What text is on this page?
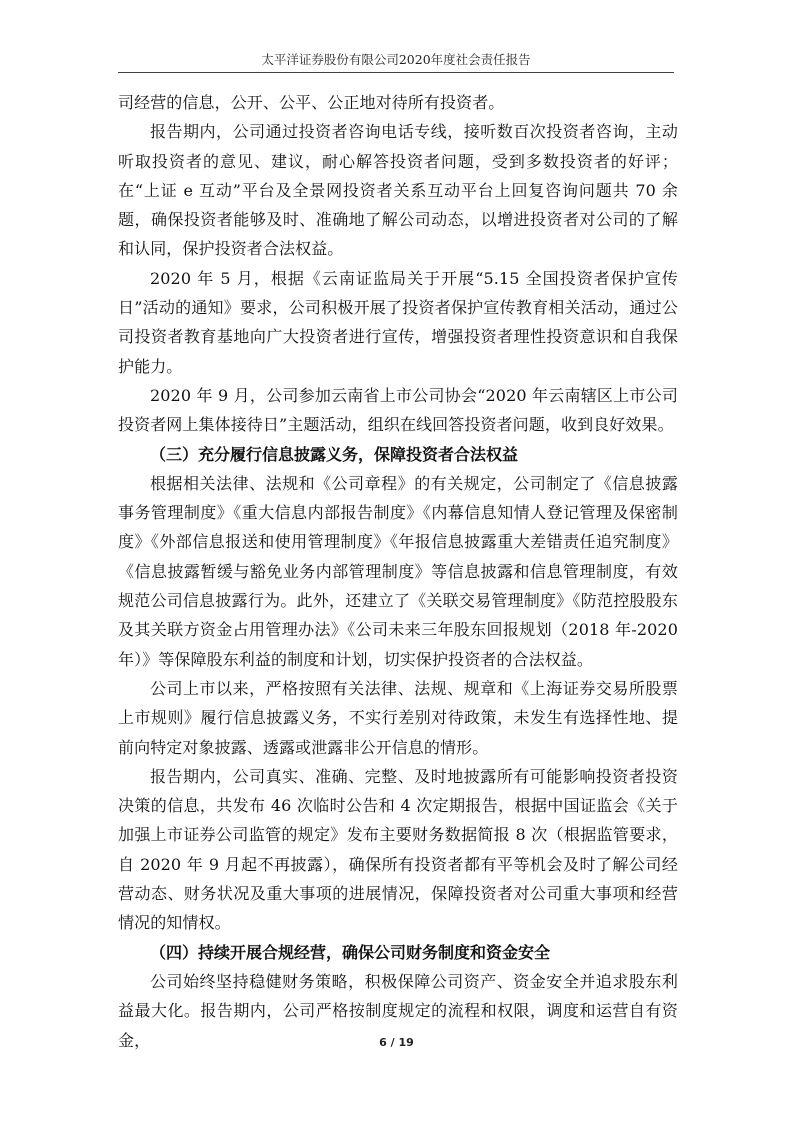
太平洋证券股份有限公司2020年度社会责任报告

司经营的信息，公开、公平、公正地对待所有投资者。

报告期内，公司通过投资者咨询电话专线，接听数百次投资者咨询，主动听取投资者的意见、建议，耐心解答投资者问题，受到多数投资者的好评；在“上证 e 互动”平台及全景网投资者关系互动平台上回复咨询问题共 70 余题，确保投资者能够及时、准确地了解公司动态，以增进投资者对公司的了解和认同，保护投资者合法权益。

2020 年 5 月，根据《云南证监局关于开展“5.15 全国投资者保护宣传日”活动的通知》要求，公司积极开展了投资者保护宣传教育相关活动，通过公司投资者教育基地向广大投资者进行宣传，增强投资者理性投资意识和自我保护能力。

2020 年 9 月，公司参加云南省上市公司协会“2020 年云南辖区上市公司投资者网上集体接待日”主题活动，组织在线回答投资者问题，收到良好效果。

（三）充分履行信息披露义务，保障投资者合法权益

根据相关法律、法规和《公司章程》的有关规定，公司制定了《信息披露事务管理制度》《重大信息内部报告制度》《内幕信息知情人登记管理及保密制度》《外部信息报送和使用管理制度》《年报信息披露重大差错责任追究制度》《信息披露暂缓与豁免业务内部管理制度》等信息披露和信息管理制度，有效规范公司信息披露行为。此外，还建立了《关联交易管理制度》《防范控股股东及其关联方资金占用管理办法》《公司未来三年股东回报规划（2018 年-2020 年）》等保障股东利益的制度和计划，切实保护投资者的合法权益。

公司上市以来，严格按照有关法律、法规、规章和《上海证券交易所股票上市规则》履行信息披露义务，不实行差别对待政策，未发生有选择性地、提前向特定对象披露、透露或泄露非公开信息的情形。

报告期内，公司真实、准确、完整、及时地披露所有可能影响投资者投资决策的信息，共发布 46 次临时公告和 4 次定期报告，根据中国证监会《关于加强上市证券公司监管的规定》发布主要财务数据简报 8 次（根据监管要求，自 2020 年 9 月起不再披露），确保所有投资者都有平等机会及时了解公司经营动态、财务状况及重大事项的进展情况，保障投资者对公司重大事项和经营情况的知情权。

（四）持续开展合规经营，确保公司财务制度和资金安全

公司始终坚持稳健财务策略，积极保障公司资产、资金安全并追求股东利益最大化。报告期内，公司严格按制度规定的流程和权限，调度和运营自有资金，	6 / 19
